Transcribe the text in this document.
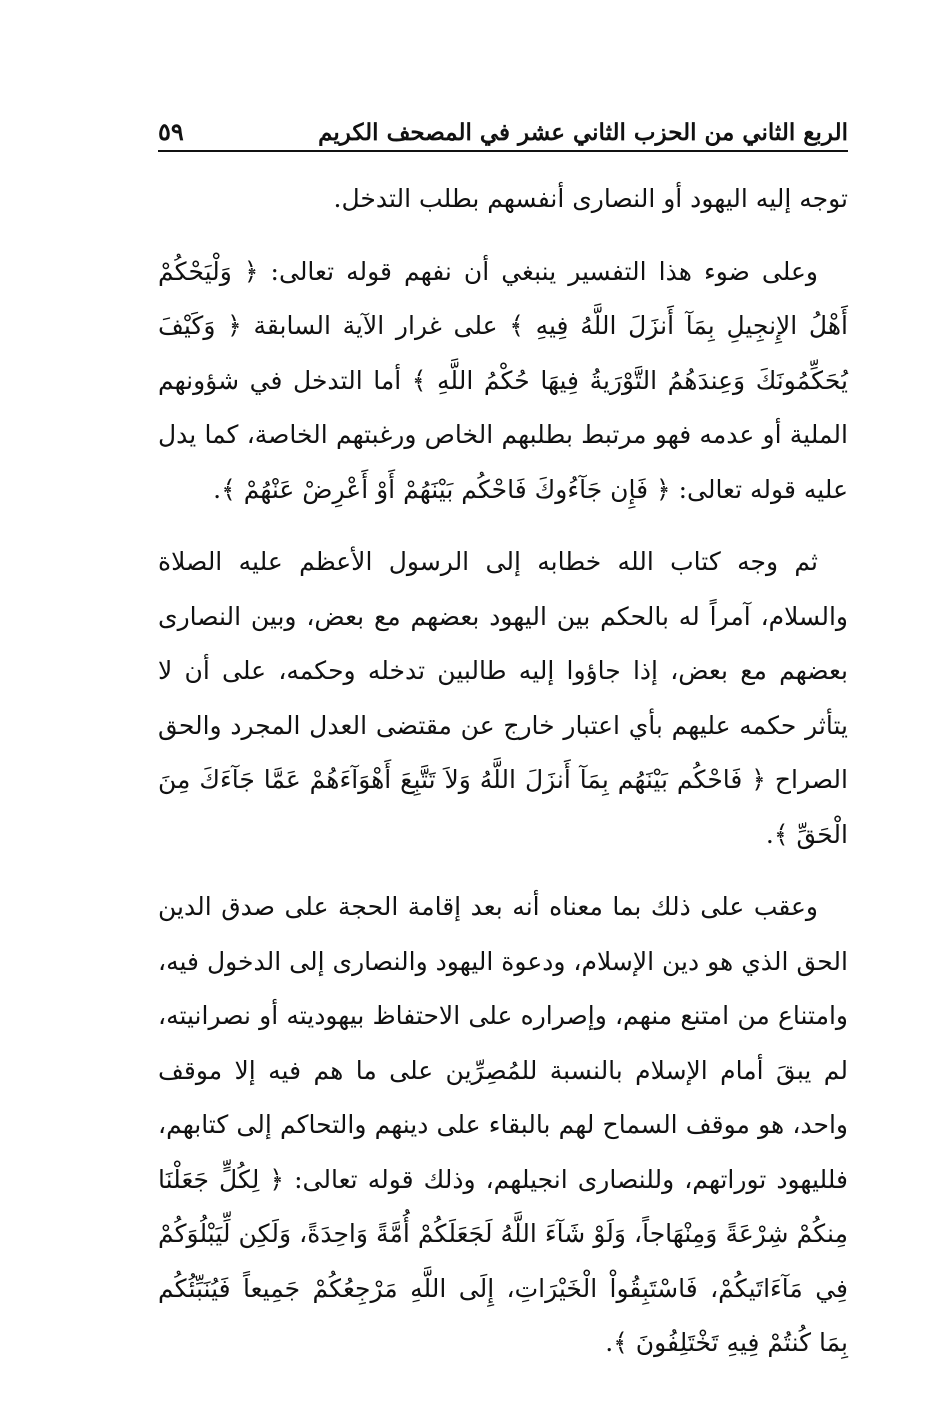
الربع الثاني من الحزب الثاني عشر في المصحف الكريم
٥٩

توجه إليه اليهود أو النصارى أنفسهم بطلب التدخل.

وعلى ضوء هذا التفسير ينبغي أن نفهم قوله تعالى: ﴿ وَلْيَحْكُمْ أَهْلُ الإِنجِيلِ بِمَآ أَنزَلَ اللَّهُ فِيهِ ﴾ على غرار الآية السابقة ﴿ وَكَيْفَ يُحَكِّمُونَكَ وَعِندَهُمُ التَّوْرَيةُ فِيهَا حُكْمُ اللَّهِ ﴾ أما التدخل في شؤونهم الملية أو عدمه فهو مرتبط بطلبهم الخاص ورغبتهم الخاصة، كما يدل عليه قوله تعالى: ﴿ فَإِن جَآءُوكَ فَاحْكُم بَيْنَهُمْ أَوْ أَعْرِضْ عَنْهُمْ ﴾.

ثم وجه كتاب الله خطابه إلى الرسول الأعظم عليه الصلاة والسلام، آمراً له بالحكم بين اليهود بعضهم مع بعض، وبين النصارى بعضهم مع بعض، إذا جاؤوا إليه طالبين تدخله وحكمه، على أن لا يتأثر حكمه عليهم بأي اعتبار خارج عن مقتضى العدل المجرد والحق الصراح ﴿ فَاحْكُم بَيْنَهُم بِمَآ أَنزَلَ اللَّهُ وَلاَ تَتَّبِعَ أَهْوَآءَهُمْ عَمَّا جَآءَكَ مِنَ الْحَقِّ ﴾.

وعقب على ذلك بما معناه أنه بعد إقامة الحجة على صدق الدين الحق الذي هو دين الإسلام، ودعوة اليهود والنصارى إلى الدخول فيه، وامتناع من امتنع منهم، وإصراره على الاحتفاظ بيهوديته أو نصرانيته، لم يبقَ أمام الإسلام بالنسبة للمُصِرِّين على ما هم فيه إلا موقف واحد، هو موقف السماح لهم بالبقاء على دينهم والتحاكم إلى كتابهم، فلليهود توراتهم، وللنصارى انجيلهم، وذلك قوله تعالى: ﴿ لِكُلٍّ جَعَلْنَا مِنكُمْ شِرْعَةً وَمِنْهَاجاً، وَلَوْ شَآءَ اللَّهُ لَجَعَلَكُمْ أُمَّةً وَاحِدَةً، وَلَكِن لِّيَبْلُوَكُمْ فِي مَآءَاتَيكُمْ، فَاسْتَبِقُواْ الْخَيْرَاتِ، إِلَى اللَّهِ مَرْجِعُكُمْ جَمِيعاً فَيُنَبِّئُكُم بِمَا كُنتُمْ فِيهِ تَخْتَلِفُونَ ﴾.
